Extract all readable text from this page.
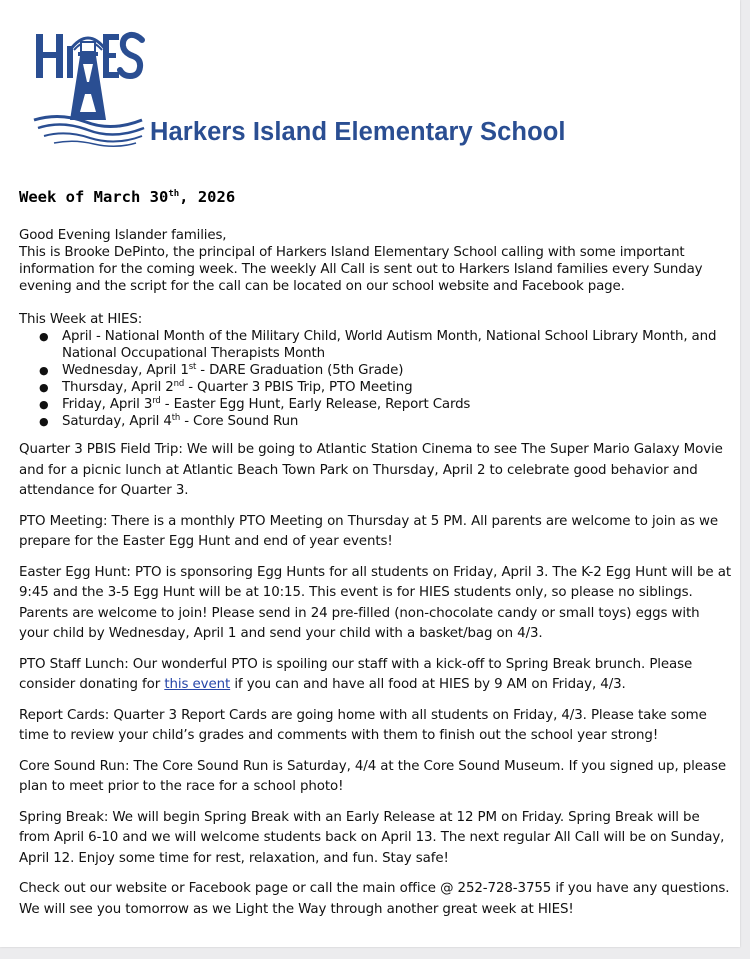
Harkers Island Elementary School
Week of March 30th, 2026

Good Evening Islander families,

This is Brooke DePinto, the principal of Harkers Island Elementary School calling with some important information for the coming week. The weekly All Call is sent out to Harkers Island families every Sunday evening and the script for the call can be located on our school website and Facebook page.

This Week at HIES:

● April - National Month of the Military Child, World Autism Month, National School Library Month, and National Occupational Therapists Month
● Wednesday, April 1st - DARE Graduation (5th Grade)
● Thursday, April 2nd - Quarter 3 PBIS Trip, PTO Meeting
● Friday, April 3rd - Easter Egg Hunt, Early Release, Report Cards
● Saturday, April 4th - Core Sound Run

Quarter 3 PBIS Field Trip: We will be going to Atlantic Station Cinema to see The Super Mario Galaxy Movie and for a picnic lunch at Atlantic Beach Town Park on Thursday, April 2 to celebrate good behavior and attendance for Quarter 3.

PTO Meeting: There is a monthly PTO Meeting on Thursday at 5 PM. All parents are welcome to join as we prepare for the Easter Egg Hunt and end of year events!

Easter Egg Hunt: PTO is sponsoring Egg Hunts for all students on Friday, April 3. The K-2 Egg Hunt will be at 9:45 and the 3-5 Egg Hunt will be at 10:15. This event is for HIES students only, so please no siblings. Parents are welcome to join! Please send in 24 pre-filled (non-chocolate candy or small toys) eggs with your child by Wednesday, April 1 and send your child with a basket/bag on 4/3.

PTO Staff Lunch: Our wonderful PTO is spoiling our staff with a kick-off to Spring Break brunch. Please consider donating for this event if you can and have all food at HIES by 9 AM on Friday, 4/3.

Report Cards: Quarter 3 Report Cards are going home with all students on Friday, 4/3. Please take some time to review your child’s grades and comments with them to finish out the school year strong!

Core Sound Run: The Core Sound Run is Saturday, 4/4 at the Core Sound Museum. If you signed up, please plan to meet prior to the race for a school photo!

Spring Break: We will begin Spring Break with an Early Release at 12 PM on Friday. Spring Break will be from April 6-10 and we will welcome students back on April 13. The next regular All Call will be on Sunday, April 12. Enjoy some time for rest, relaxation, and fun. Stay safe!

Check out our website or Facebook page or call the main office @ 252-728-3755 if you have any questions. We will see you tomorrow as we Light the Way through another great week at HIES!
